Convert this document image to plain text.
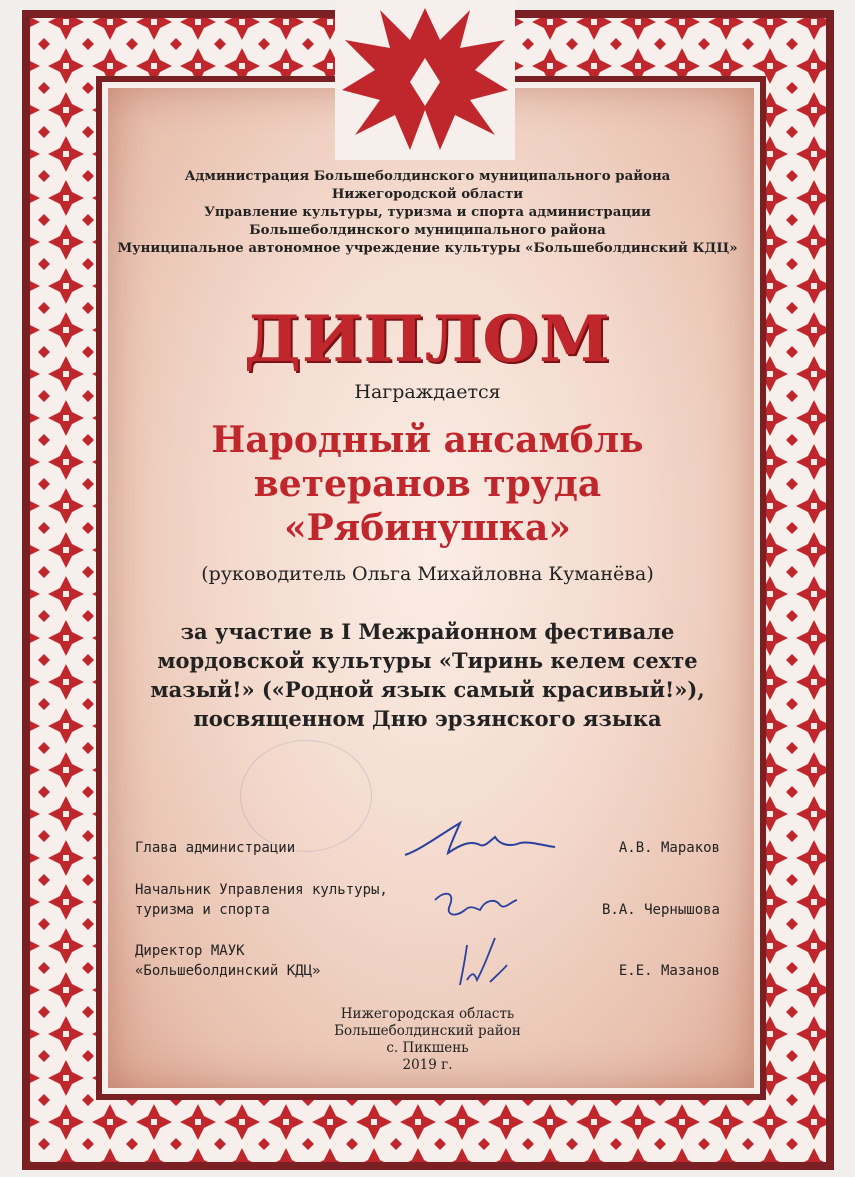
Администрация Большеболдинского муниципального района
Нижегородской области
Управление культуры, туризма и спорта администрации
Большеболдинского муниципального района
Муниципальное автономное учреждение культуры «Большеболдинский КДЦ»
ДИПЛОМ
Награждается
Народный ансамбль
ветеранов труда
«Рябинушка»
(руководитель Ольга Михайловна Куманёва)
за участие в I Межрайонном фестивале
мордовской культуры «Тиринь келем сехте
мазый!» («Родной язык самый красивый!»),
посвященном Дню эрзянского языка
Глава администрации	А.В. Мараков
Начальник Управления культуры,
туризма и спорта	В.А. Чернышова
Директор МАУК
«Большеболдинский КДЦ»	Е.Е. Мазанов
Нижегородская область
Большеболдинский район
с. Пикшень
2019 г.
